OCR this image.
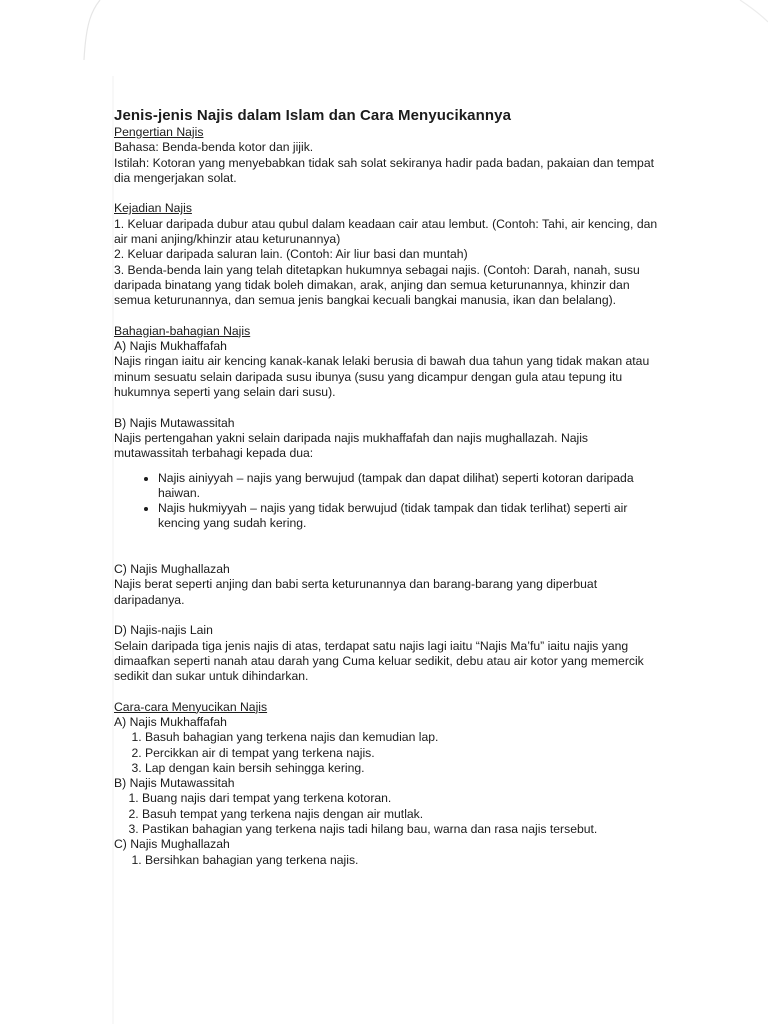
Jenis-jenis Najis dalam Islam dan Cara Menyucikannya

Pengertian Najis

Bahasa: Benda-benda kotor dan jijik.

Istilah: Kotoran yang menyebabkan tidak sah solat sekiranya hadir pada badan, pakaian dan tempat dia mengerjakan solat.

Kejadian Najis

1. Keluar daripada dubur atau qubul dalam keadaan cair atau lembut. (Contoh: Tahi, air kencing, dan air mani anjing/khinzir atau keturunannya)

2. Keluar daripada saluran lain. (Contoh: Air liur basi dan muntah)

3. Benda-benda lain yang telah ditetapkan hukumnya sebagai najis. (Contoh: Darah, nanah, susu daripada binatang yang tidak boleh dimakan, arak, anjing dan semua keturunannya, khinzir dan semua keturunannya, dan semua jenis bangkai kecuali bangkai manusia, ikan dan belalang).

Bahagian-bahagian Najis

A) Najis Mukhaffafah

Najis ringan iaitu air kencing kanak-kanak lelaki berusia di bawah dua tahun yang tidak makan atau minum sesuatu selain daripada susu ibunya (susu yang dicampur dengan gula atau tepung itu hukumnya seperti yang selain dari susu).

B) Najis Mutawassitah

Najis pertengahan yakni selain daripada najis mukhaffafah dan najis mughallazah. Najis mutawassitah terbahagi kepada dua:

• Najis ainiyyah – najis yang berwujud (tampak dan dapat dilihat) seperti kotoran daripada haiwan.
• Najis hukmiyyah – najis yang tidak berwujud (tidak tampak dan tidak terlihat) seperti air kencing yang sudah kering.

C) Najis Mughallazah

Najis berat seperti anjing dan babi serta keturunannya dan barang-barang yang diperbuat daripadanya.

D) Najis-najis Lain

Selain daripada tiga jenis najis di atas, terdapat satu najis lagi iaitu “Najis Ma’fu” iaitu najis yang dimaafkan seperti nanah atau darah yang Cuma keluar sedikit, debu atau air kotor yang memercik sedikit dan sukar untuk dihindarkan.

Cara-cara Menyucikan Najis

A) Najis Mukhaffafah

1. Basuh bahagian yang terkena najis dan kemudian lap.
2. Percikkan air di tempat yang terkena najis.
3. Lap dengan kain bersih sehingga kering.

B) Najis Mutawassitah

1. Buang najis dari tempat yang terkena kotoran.
2. Basuh tempat yang terkena najis dengan air mutlak.
3. Pastikan bahagian yang terkena najis tadi hilang bau, warna dan rasa najis tersebut.

C) Najis Mughallazah

1. Bersihkan bahagian yang terkena najis.
